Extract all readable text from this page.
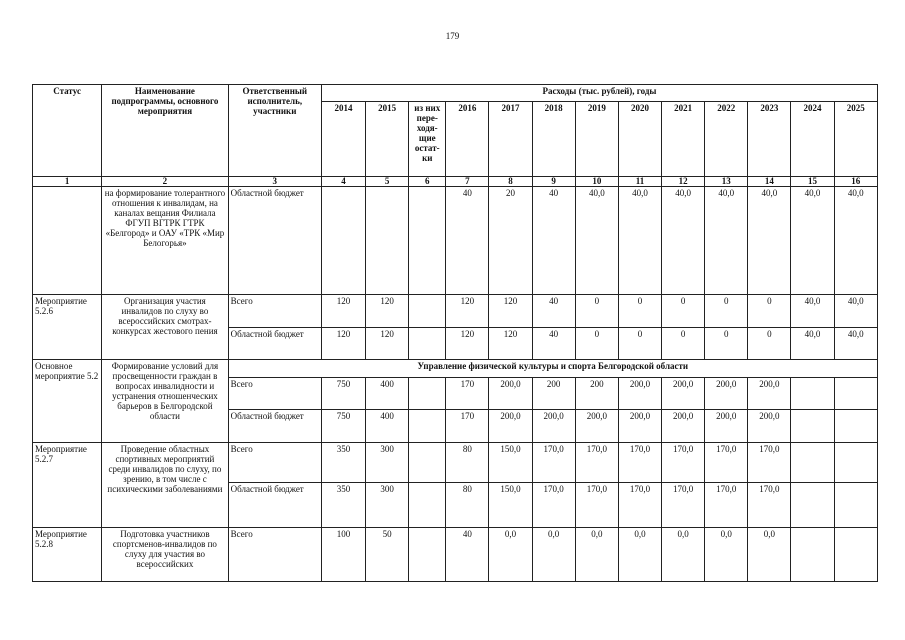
179
Статус	Наименование подпрограммы, основного мероприятия	Ответственный исполнитель, участники	Расходы (тыс. рублей), годы												
			2014	2015	из них пере-ходя-щие остат-ки	2016	2017	2018	2019	2020	2021	2022	2023	2024	2025
1	2	3	4	5	6	7	8	9	10	11	12	13	14	15	16
	на формирование толерантного отношения к инвалидам, на каналах вещания Филиала ФГУП ВГТРК ГТРК «Белгород» и ОАУ «ТРК «Мир Белогорья»	Областной бюджет				40	20	40	40,0	40,0	40,0	40,0	40,0	40,0	40,0
Мероприятие 5.2.6	Организация участия инвалидов по слуху во всероссийских смотрах-конкурсах жестового пения	Всего	120	120		120	120	40	0	0	0	0	0	40,0	40,0
		Областной бюджет	120	120		120	120	40	0	0	0	0	0	40,0	40,0
Основное мероприятие 5.2	Формирование условий для просвещенности граждан в вопросах инвалидности и устранения отношенческих барьеров в Белгородской области	Управление физической культуры и спорта Белгородской области													
		Всего	750	400		170	200,0	200	200	200,0	200,0	200,0	200,0		
		Областной бюджет	750	400		170	200,0	200,0	200,0	200,0	200,0	200,0	200,0		
Мероприятие 5.2.7	Проведение областных спортивных мероприятий среди инвалидов по слуху, по зрению, в том числе с психическими заболеваниями	Всего	350	300		80	150,0	170,0	170,0	170,0	170,0	170,0	170,0		
		Областной бюджет	350	300		80	150,0	170,0	170,0	170,0	170,0	170,0	170,0		
Мероприятие 5.2.8	Подготовка участников спортсменов-инвалидов по слуху для участия во всероссийских	Всего	100	50		40	0,0	0,0	0,0	0,0	0,0	0,0	0,0		
